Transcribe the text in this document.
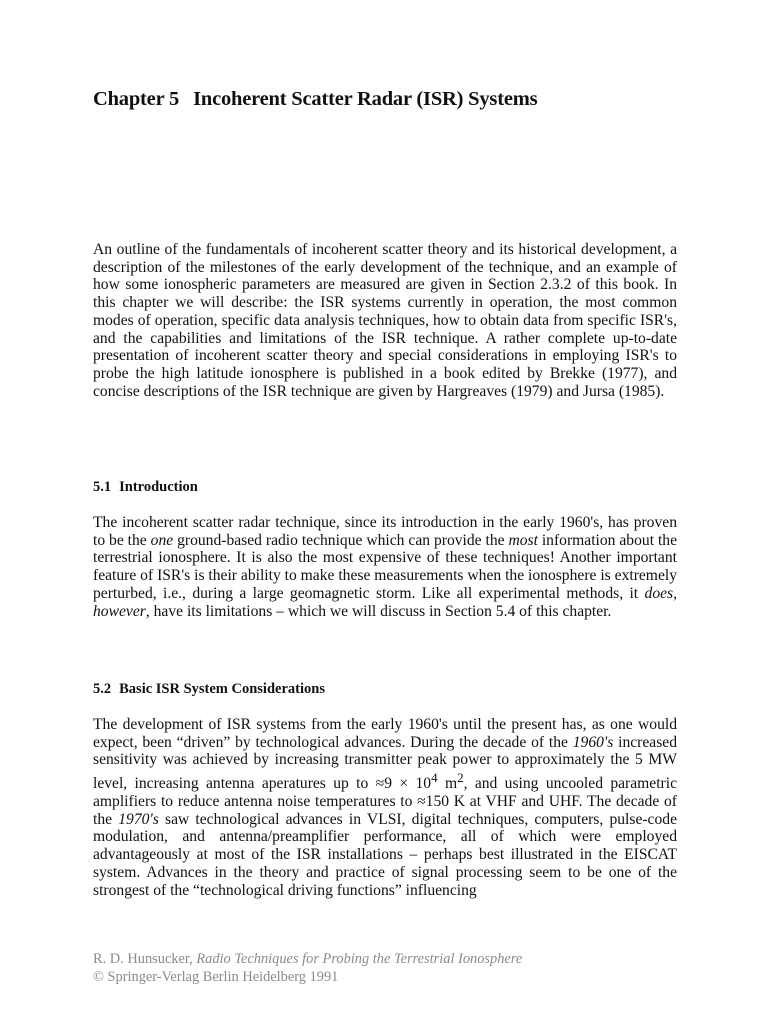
Chapter 5 Incoherent Scatter Radar (ISR) Systems

An outline of the fundamentals of incoherent scatter theory and its historical development, a description of the milestones of the early development of the technique, and an example of how some ionospheric parameters are measured are given in Section 2.3.2 of this book. In this chapter we will describe: the ISR systems currently in operation, the most common modes of operation, specific data analysis techniques, how to obtain data from specific ISR's, and the capabilities and limitations of the ISR technique. A rather complete up-to-date presentation of incoherent scatter theory and special considerations in employing ISR's to probe the high latitude ionosphere is published in a book edited by Brekke (1977), and concise descriptions of the ISR technique are given by Hargreaves (1979) and Jursa (1985).

5.1 Introduction

The incoherent scatter radar technique, since its introduction in the early 1960's, has proven to be the one ground-based radio technique which can provide the most information about the terrestrial ionosphere. It is also the most expensive of these techniques! Another important feature of ISR's is their ability to make these measurements when the ionosphere is extremely perturbed, i.e., during a large geomagnetic storm. Like all experimental methods, it does, however, have its limitations – which we will discuss in Section 5.4 of this chapter.

5.2 Basic ISR System Considerations

The development of ISR systems from the early 1960's until the present has, as one would expect, been “driven” by technological advances. During the decade of the 1960's increased sensitivity was achieved by increasing transmitter peak power to approximately the 5 MW level, increasing antenna aperatures up to $\approx 9 \times 10^4$ $m^2$, and using uncooled parametric amplifiers to reduce antenna noise temperatures to ≈150 K at VHF and UHF. The decade of the 1970's saw technological advances in VLSI, digital techniques, computers, pulse-code modulation, and antenna/preamplifier performance, all of which were employed advantageously at most of the ISR installations – perhaps best illustrated in the EISCAT system. Advances in the theory and practice of signal processing seem to be one of the strongest of the “technological driving functions” influencing

R. D. Hunsucker, Radio Techniques for Probing the Terrestrial Ionosphere
© Springer-Verlag Berlin Heidelberg 1991
